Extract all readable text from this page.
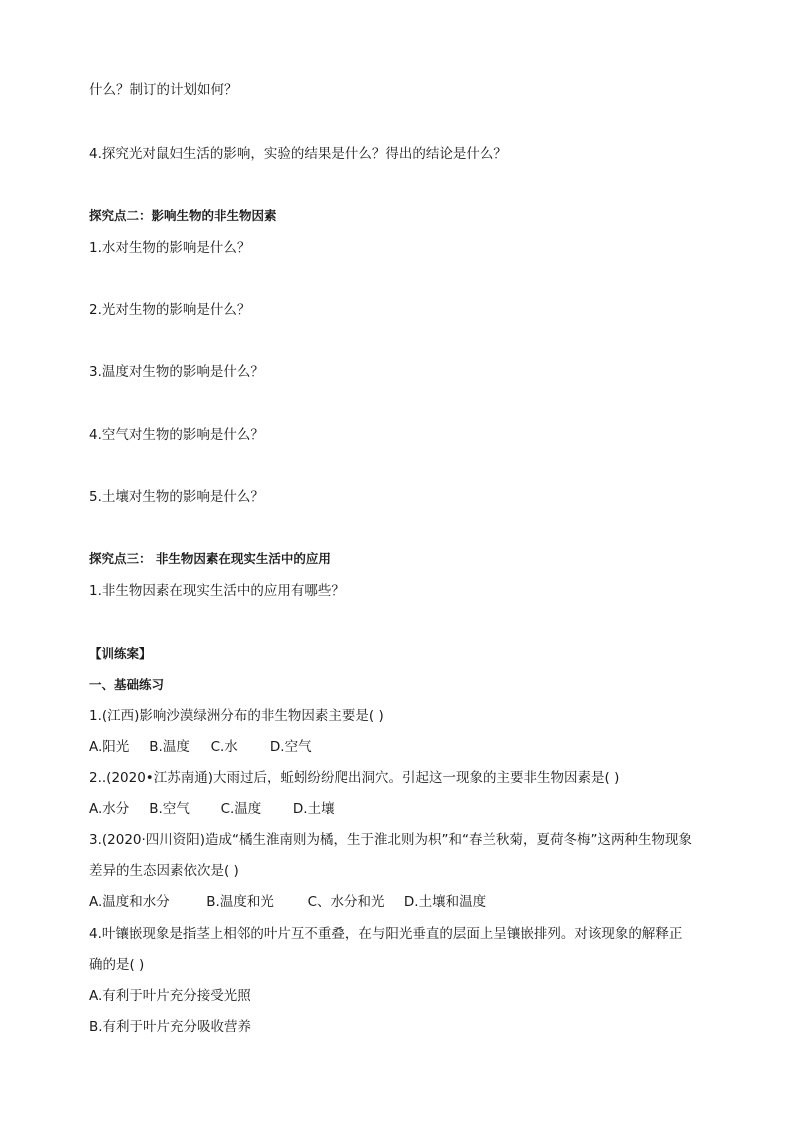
什么？制订的计划如何？
4.探究光对鼠妇生活的影响，实验的结果是什么？得出的结论是什么？
探究点二：影响生物的非生物因素
1.水对生物的影响是什么？
2.光对生物的影响是什么？
3.温度对生物的影响是什么？
4.空气对生物的影响是什么？
5.土壤对生物的影响是什么？
探究点三： 非生物因素在现实生活中的应用
1.非生物因素在现实生活中的应用有哪些？
【训练案】
一、基础练习
1.(江西)影响沙漠绿洲分布的非生物因素主要是( )
A.阳光 B.温度 C.水 D.空气
2..(2020•江苏南通)大雨过后，蚯蚓纷纷爬出洞穴。引起这一现象的主要非生物因素是( )
A.水分 B.空气 C.温度 D.土壤
3.(2020·四川资阳)造成“橘生淮南则为橘，生于淮北则为枳”和“春兰秋菊，夏荷冬梅”这两种生物现象
差异的生态因素依次是( )
A.温度和水分	B.温度和光 C、水分和光 D.土壤和温度
4.叶镶嵌现象是指茎上相邻的叶片互不重叠，在与阳光垂直的层面上呈镶嵌排列。对该现象的解释正
确的是( )
A.有利于叶片充分接受光照
B.有利于叶片充分吸收营养
